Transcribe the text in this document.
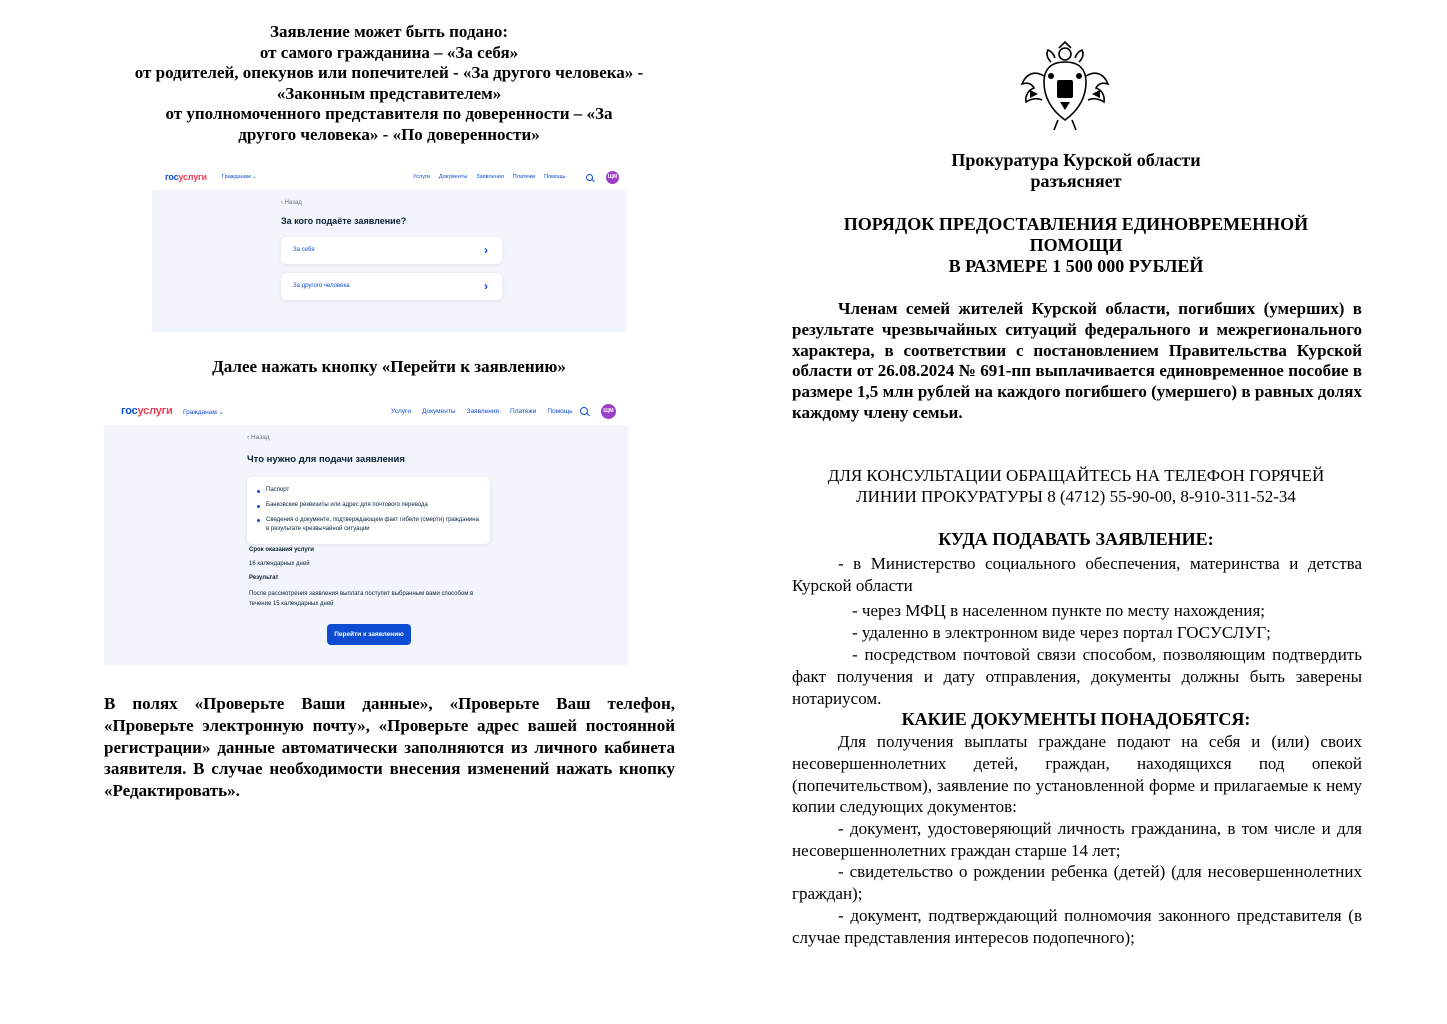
Заявление может быть подано:
от самого гражданина – «За себя»
от родителей, опекунов или попечителей - «За другого человека» -
«Законным представителем»
от уполномоченного представителя по доверенности – «За
другого человека» - «По доверенности»
госуслуги	Гражданам ⌄	Услуги Документы Заявления Платежи Помощь	ЩМ
‹ Назад
За кого подаёте заявление?
За себя	›
За другого человека	›
Далее нажать кнопку «Перейти к заявлению»
госуслуги Гражданам ⌄	Услуги Документы Заявления Платежи Помощь	ЩМ
‹ Назад
Что нужно для подачи заявления
Паспорт
Банковские реквизиты или адрес для почтового перевода
Сведения о документе, подтверждающем факт гибели (смерти) гражданина в результате чрезвычайной ситуации
Срок оказания услуги
16 календарных дней
Результат
После рассмотрения заявления выплата поступит выбранным вами способом в течение 15 календарных дней
Перейти к заявлению
В полях «Проверьте Ваши данные», «Проверьте Ваш телефон, «Проверьте электронную почту», «Проверьте адрес вашей постоянной регистрации» данные автоматически заполняются из личного кабинета заявителя. В случае необходимости внесения изменений нажать кнопку «Редактировать».
Прокуратура Курской области
разъясняет
ПОРЯДОК ПРЕДОСТАВЛЕНИЯ ЕДИНОВРЕМЕННОЙ
ПОМОЩИ
В РАЗМЕРЕ 1 500 000 РУБЛЕЙ
Членам семей жителей Курской области, погибших (умерших) в результате чрезвычайных ситуаций федерального и межрегионального характера, в соответствии с постановлением Правительства Курской области от 26.08.2024 № 691-пп выплачивается единовременное пособие в размере 1,5 млн рублей на каждого погибшего (умершего) в равных долях каждому члену семьи.
ДЛЯ КОНСУЛЬТАЦИИ ОБРАЩАЙТЕСЬ НА ТЕЛЕФОН ГОРЯЧЕЙ
ЛИНИИ ПРОКУРАТУРЫ 8 (4712) 55-90-00, 8-910-311-52-34
КУДА ПОДАВАТЬ ЗАЯВЛЕНИЕ:
- в Министерство социального обеспечения, материнства и детства Курской области
- через МФЦ в населенном пункте по месту нахождения;
- удаленно в электронном виде через портал ГОСУСЛУГ;
- посредством почтовой связи способом, позволяющим подтвердить факт получения и дату отправления, документы должны быть заверены нотариусом.
КАКИЕ ДОКУМЕНТЫ ПОНАДОБЯТСЯ:
Для получения выплаты граждане подают на себя и (или) своих несовершеннолетних детей, граждан, находящихся под опекой (попечительством), заявление по установленной форме и прилагаемые к нему копии следующих документов:
- документ, удостоверяющий личность гражданина, в том числе и для несовершеннолетних граждан старше 14 лет;
- свидетельство о рождении ребенка (детей) (для несовершеннолетних граждан);
- документ, подтверждающий полномочия законного представителя (в случае представления интересов подопечного);
